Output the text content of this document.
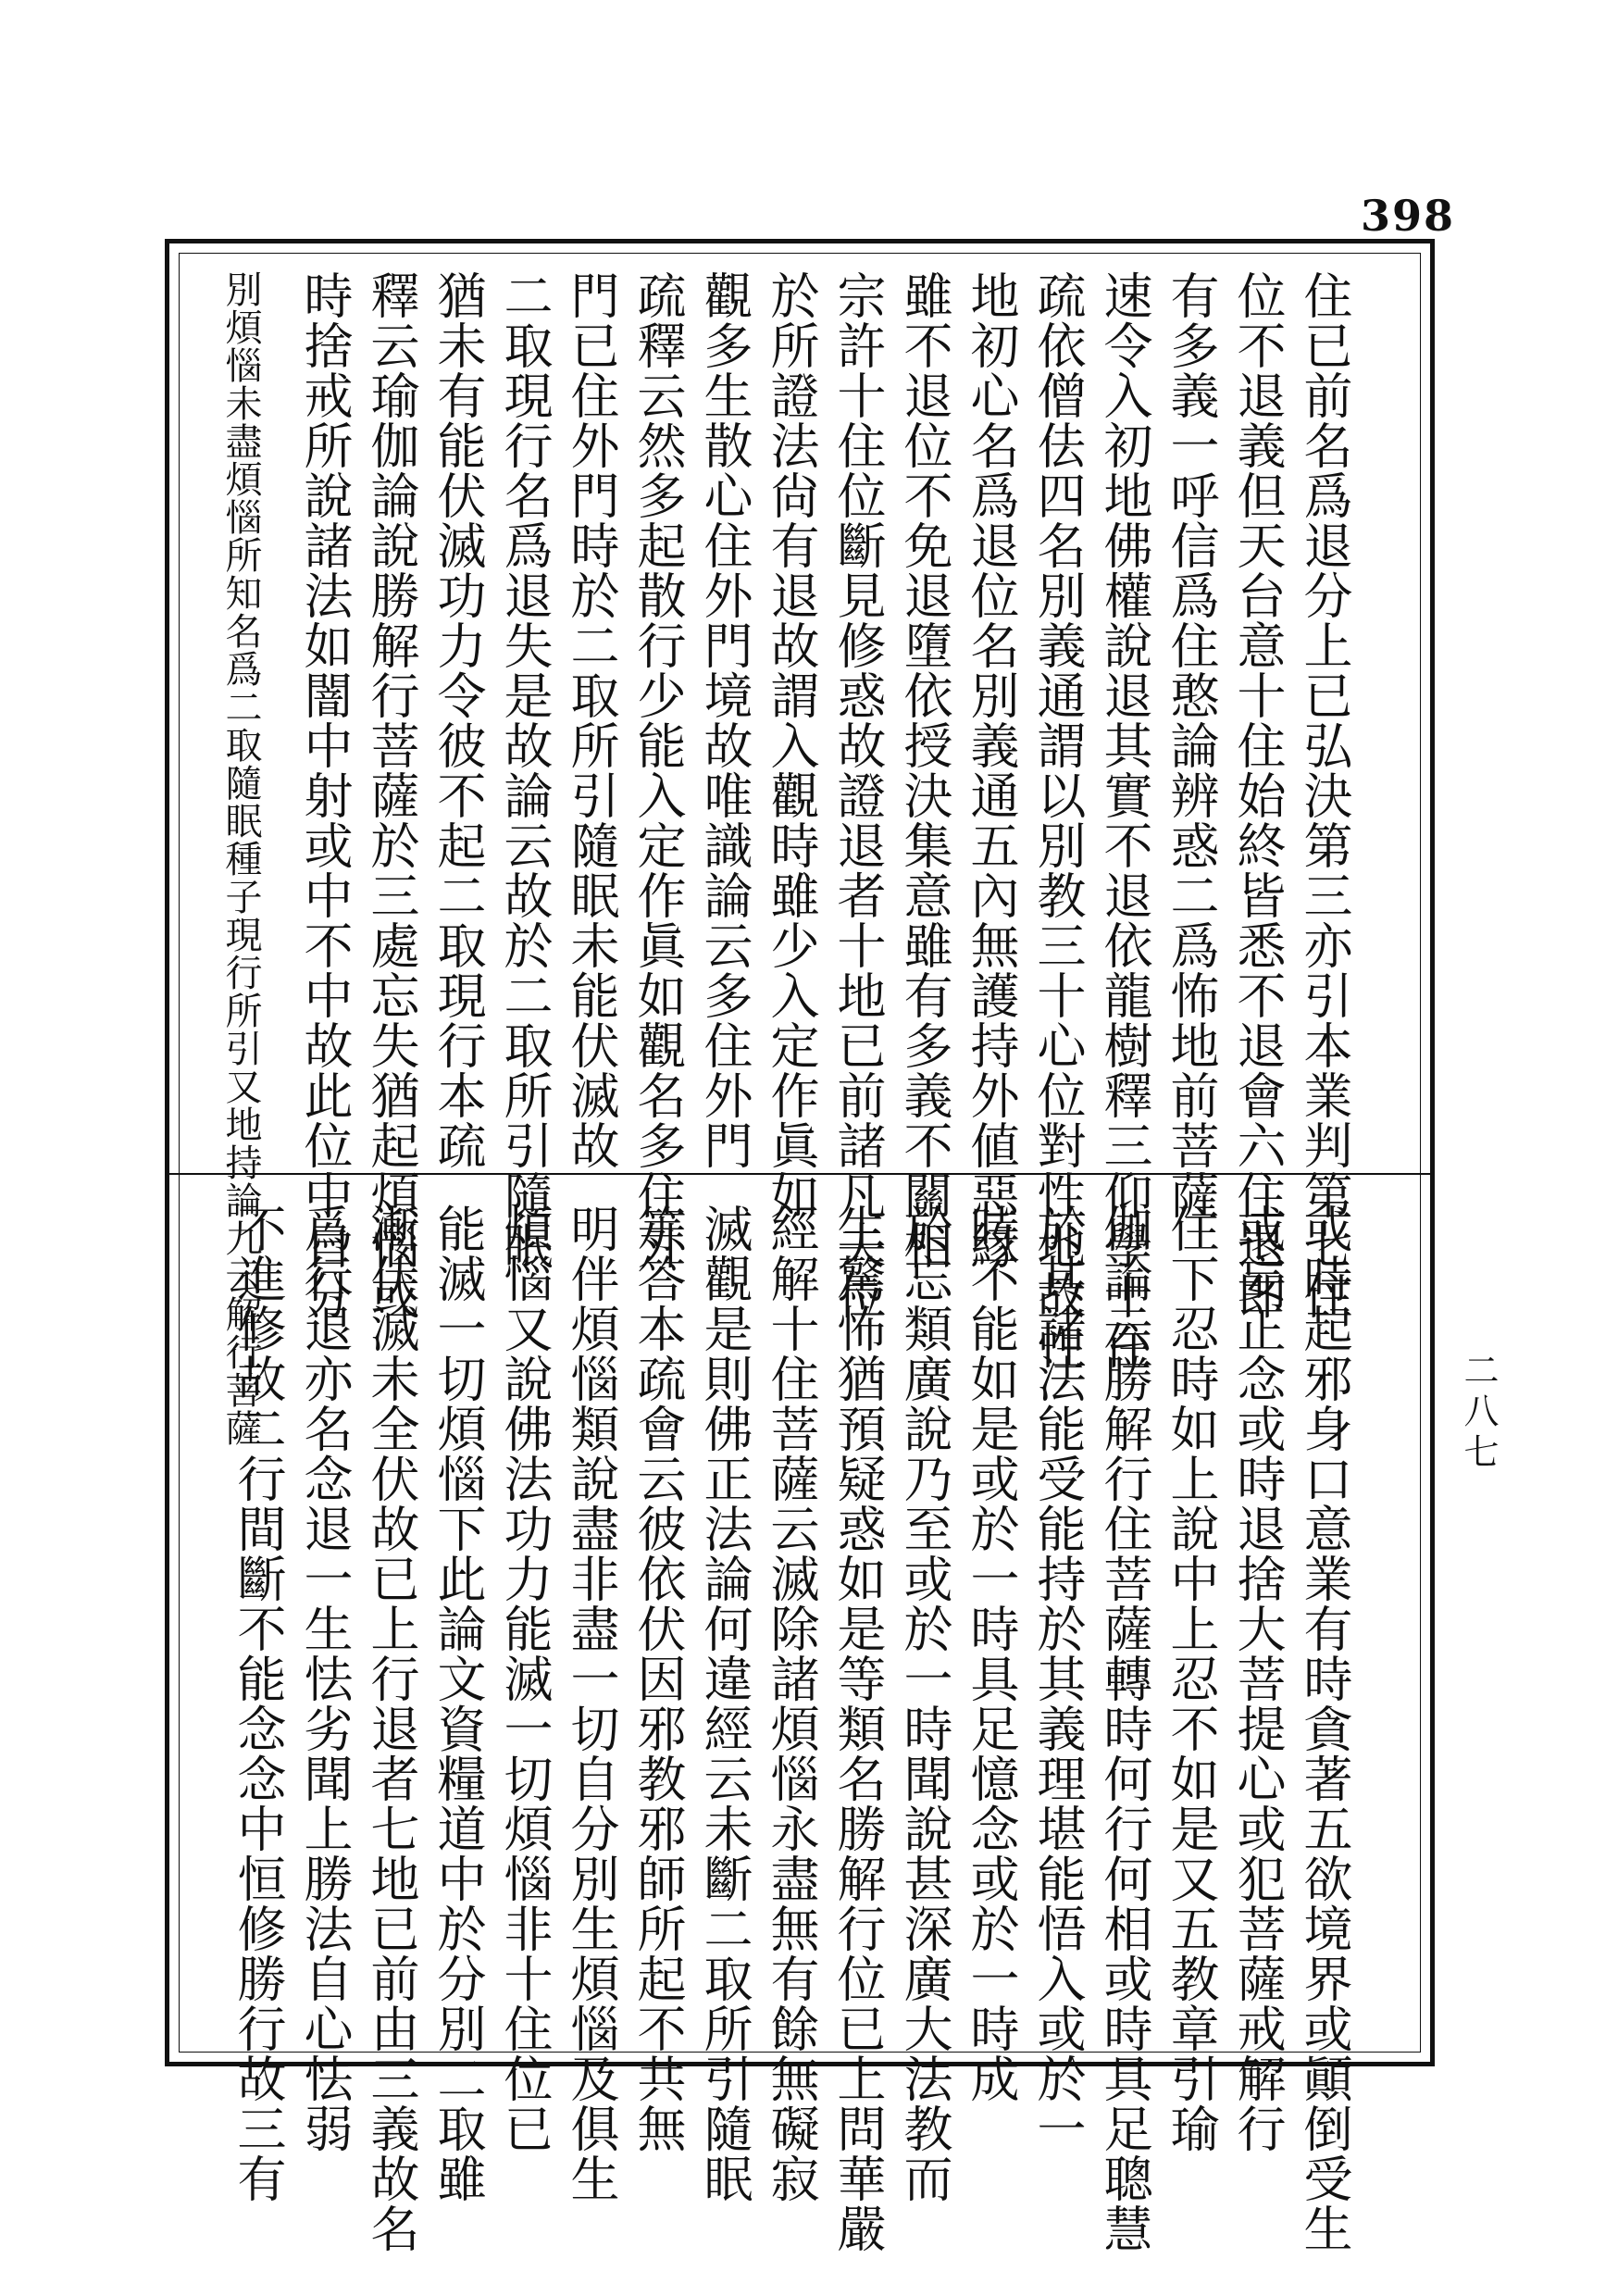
398
二八七
住已前名爲退分上已弘決第三亦引本業判第七住
位不退義但天台意十住始終皆悉不退會六住退即
有多義一呼信爲住憨論辨惑二爲怖地前菩薩
速令入初地佛權說退其實不退依龍樹釋三仰學十住
疏依僧佉四名別義通謂以別教三十心位對性地故性
地初心名爲退位名別義通五內無護持外値惡緣
雖不退位不免退墮依授決集意雖有多義不關相
宗許十住位斷見修惑故證退者十地已前諸凡夫位
於所證法尙有退故謂入觀時雖少入定作眞如
觀多生散心住外門境故唯識論云多住外門
疏釋云然多起散行少能入定作眞如觀名多住外
門已住外門時於二取所引隨眠未能伏滅故
二取現行名爲退失是故論云故於二取所引隨眠
猶未有能伏滅功力令彼不起二取現行本疏
釋云瑜伽論說勝解行菩薩於三處忘失猶起煩惱或
時捨戒所說諸法如闇中射或中不中故此位中自分
別煩惱未盡煩惱所知名爲二取隨眠種子現行所引又地持論九云解行菩薩
或時起邪身口意業有時貪著五欲境界或顚倒受生
或妄正念或時退捨大菩提心或犯菩薩戒解行
住下忍時如上說中上忍不如是又五教章引瑜
伽論云勝解行住菩薩轉時何行何相或時具足聰慧
於其諸法能受能持於其義理堪能悟入或於一
時不能如是或於一時具足憶念或於一時成
於忘類廣說乃至或於一時聞說甚深廣大法教而
生驚怖猶預疑惑如是等類名勝解行位已上問華嚴
經解十住菩薩云滅除諸煩惱永盡無有餘無礙寂
滅觀是則佛正法論何違經云未斷二取所引隨眠
等答本疏會云彼依伏因邪教邪師所起不共無
明伴煩惱類說盡非盡一切自分別生煩惱及俱生
煩惱又說佛法功力能滅一切煩惱非十住位已
能滅一切煩惱下此論文資糧道中於分別二取雖
漸伏滅未全伏故已上行退者七地已前由三義故名
爲行退亦名念退一生怯劣聞上勝法自心怯弱
不進修故二行間斷不能念念中恒修勝行故三有
